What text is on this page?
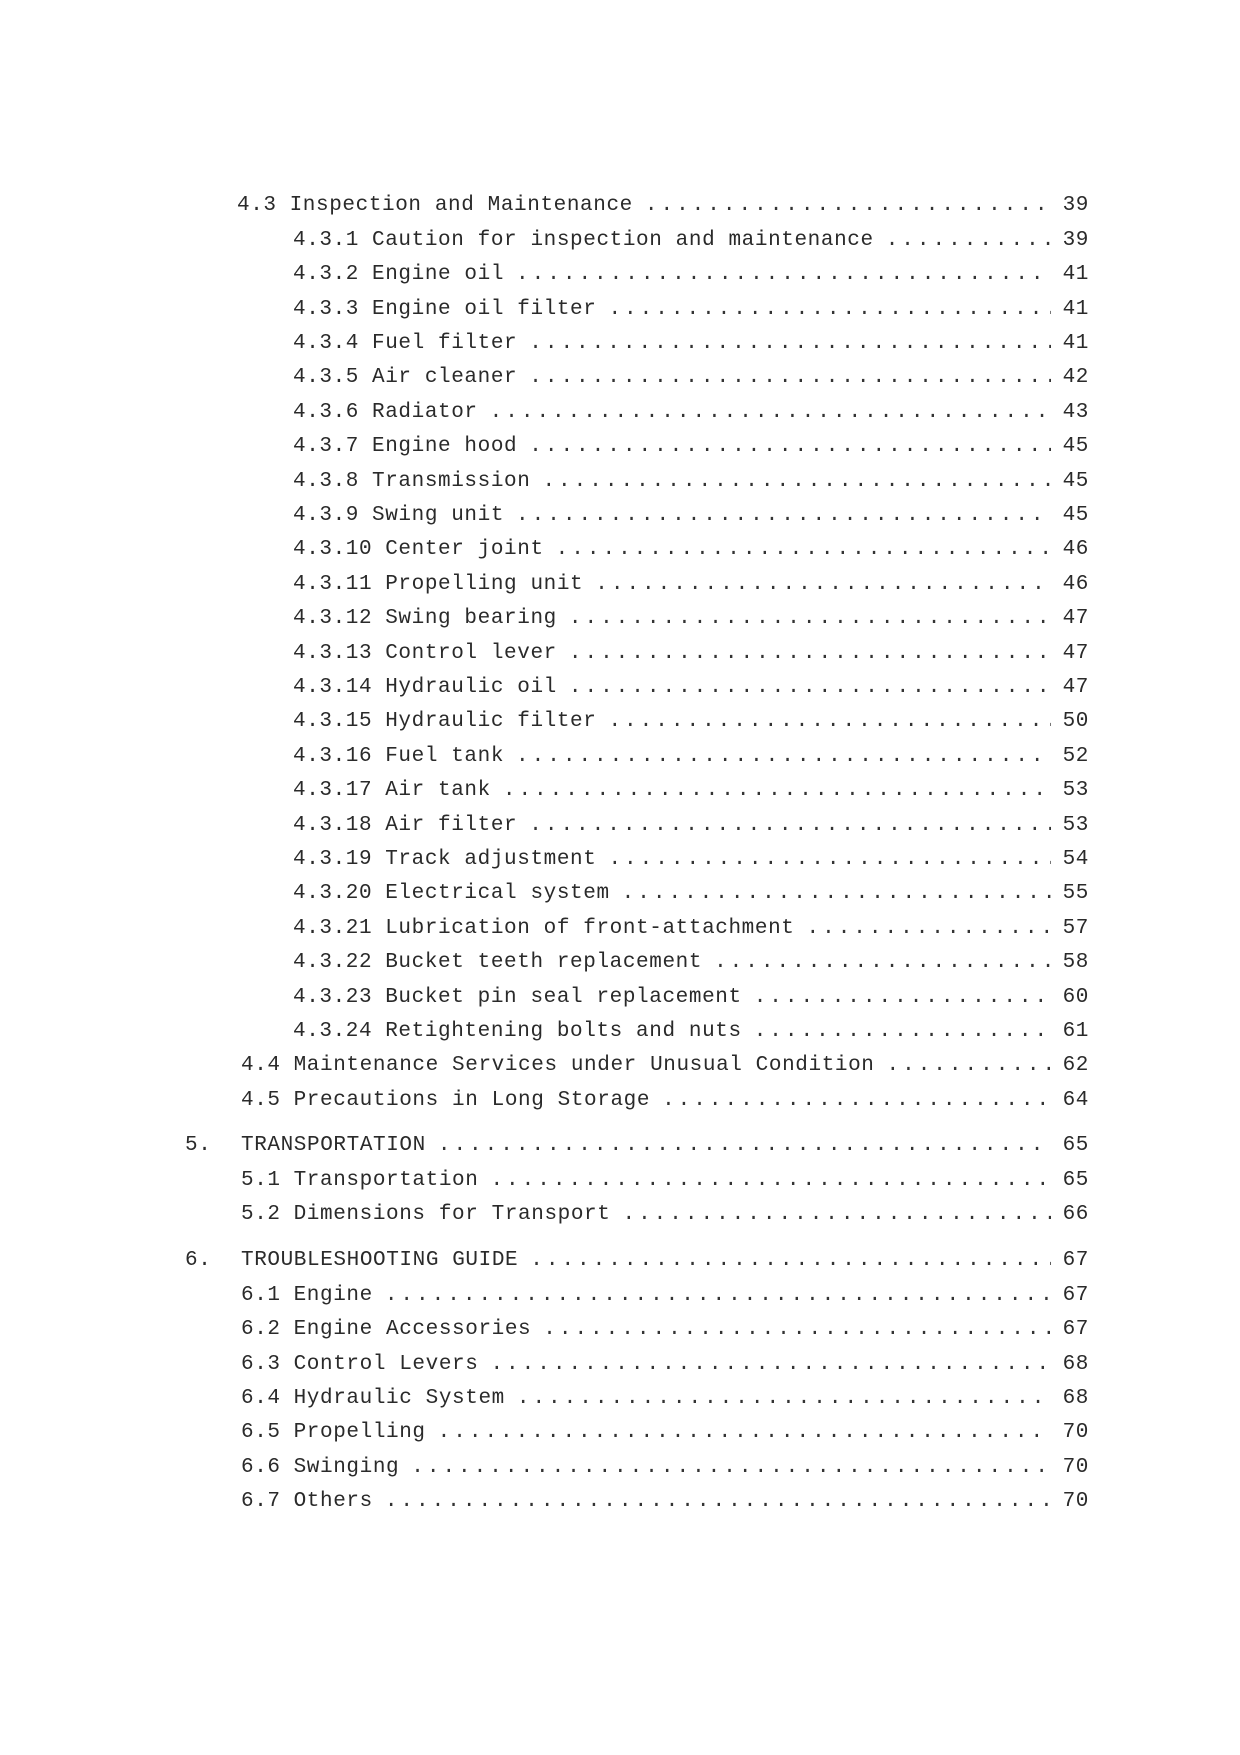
4.3 Inspection and Maintenance .....	39
4.3.1 Caution for inspection and maintenance .....	39
4.3.2 Engine oil .....	41
4.3.3 Engine oil filter .....	41
4.3.4 Fuel filter .....	41
4.3.5 Air cleaner .....	42
4.3.6 Radiator .....	43
4.3.7 Engine hood .....	45
4.3.8 Transmission .....	45
4.3.9 Swing unit .....	45
4.3.10 Center joint .....	46
4.3.11 Propelling unit .....	46
4.3.12 Swing bearing .....	47
4.3.13 Control lever .....	47
4.3.14 Hydraulic oil .....	47
4.3.15 Hydraulic filter .....	50
4.3.16 Fuel tank .....	52
4.3.17 Air tank .....	53
4.3.18 Air filter .....	53
4.3.19 Track adjustment .....	54
4.3.20 Electrical system .....	55
4.3.21 Lubrication of front-attachment .....	57
4.3.22 Bucket teeth replacement .....	58
4.3.23 Bucket pin seal replacement .....	60
4.3.24 Retightening bolts and nuts .....	61
4.4 Maintenance Services under Unusual Condition .....	62
4.5 Precautions in Long Storage .....	64
5.	TRANSPORTATION .....	65
5.1 Transportation .....	65
5.2 Dimensions for Transport .....	66
6.	TROUBLESHOOTING GUIDE .....	67
6.1 Engine .....	67
6.2 Engine Accessories .....	67
6.3 Control Levers .....	68
6.4 Hydraulic System .....	68
6.5 Propelling .....	70
6.6 Swinging .....	70
6.7 Others .....	70
